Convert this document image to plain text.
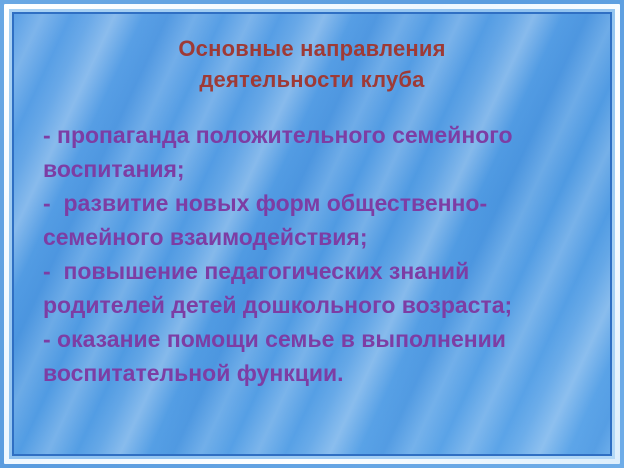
Основные направления
деятельности клуба
- пропаганда положительного семейного
воспитания;
-  развитие новых форм общественно-
семейного взаимодействия;
-  повышение педагогических знаний
родителей детей дошкольного возраста;
- оказание помощи семье в выполнении
воспитательной функции.
